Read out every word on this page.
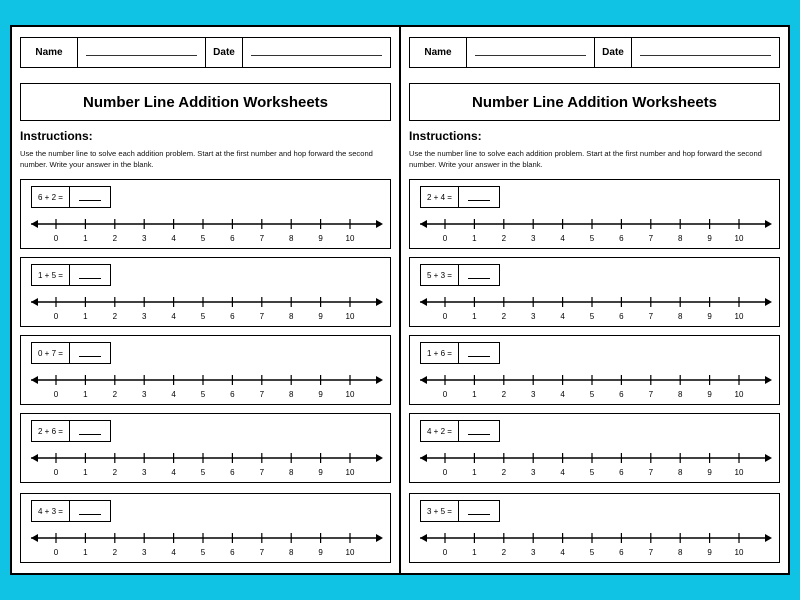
Name	Date
Number Line Addition Worksheets
Instructions:
Use the number line to solve each addition problem. Start at the first number and hop forward the second number. Write your answer in the blank.
6 + 2 =
0	1	2	3	4	5	6	7	8	9	10
1 + 5 =
0	1	2	3	4	5	6	7	8	9	10
0 + 7 =
0	1	2	3	4	5	6	7	8	9	10
2 + 6 =
0	1	2	3	4	5	6	7	8	9	10
4 + 3 =
0	1	2	3	4	5	6	7	8	9	10
Name	Date
Number Line Addition Worksheets
Instructions:
Use the number line to solve each addition problem. Start at the first number and hop forward the second number. Write your answer in the blank.
2 + 4 =
0	1	2	3	4	5	6	7	8	9	10
5 + 3 =
0	1	2	3	4	5	6	7	8	9	10
1 + 6 =
0	1	2	3	4	5	6	7	8	9	10
4 + 2 =
0	1	2	3	4	5	6	7	8	9	10
3 + 5 =
0	1	2	3	4	5	6	7	8	9	10
